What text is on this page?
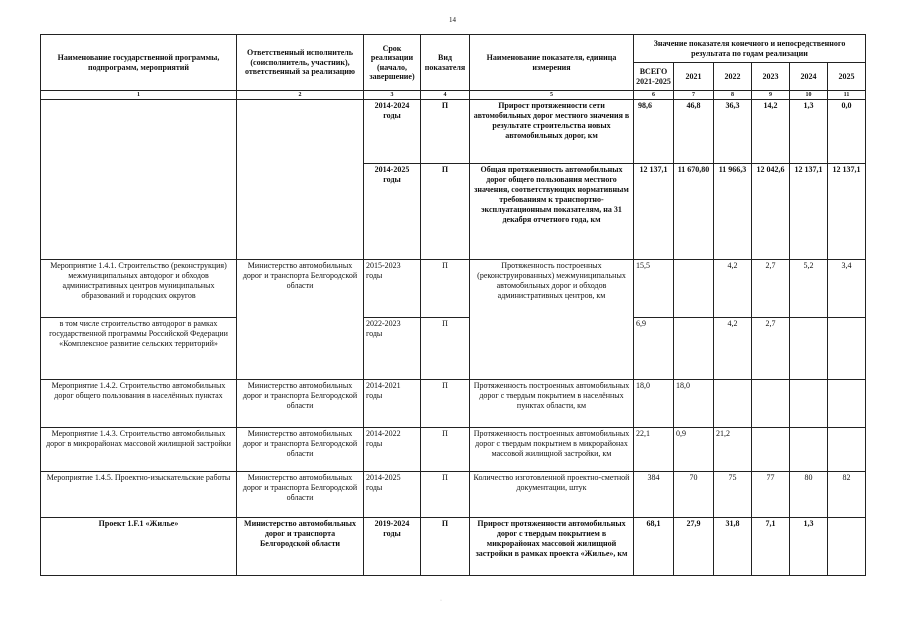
14
Наименование государственной программы, подпрограмм, мероприятий	Ответственный исполнитель (соисполнитель, участник), ответственный за реализацию	Срок реализации (начало, завершение)	Вид показателя	Наименование показателя, единица измерения	Значение показателя конечного и непосредственного результата по годам реализации					
					ВСЕГО 2021-2025	2021	2022	2023	2024	2025
1	2	3	4	5	6	7	8	9	10	11
		2014-2024 годы	П	Прирост протяженности сети автомобильных дорог местного значения в результате строительства новых автомобильных дорог, км	98,6	46,8	36,3	14,2	1,3	0,0
		2014-2025 годы	П	Общая протяженность автомобильных дорог общего пользования местного значения, соответствующих нормативным требованиям к транспортно-эксплуатационным показателям, на 31 декабря отчетного года, км	12 137,1	11 670,80	11 966,3	12 042,6	12 137,1	12 137,1
Мероприятие 1.4.1. Строительство (реконструкция) межмуниципальных автодорог и обходов административных центров муниципальных образований и городских округов	Министерство автомобильных дорог и транспорта Белгородской области	2015-2023 годы	П	Протяженность построенных (реконструированных) межмуниципальных автомобильных дорог и обходов административных центров, км	15,5		4,2	2,7	5,2	3,4
в том числе строительство автодорог в рамках государственной программы Российской Федерации «Комплексное развитие сельских территорий»		2022-2023 годы	П		6,9		4,2	2,7		
Мероприятие 1.4.2. Строительство автомобильных дорог общего пользования в населённых пунктах	Министерство автомобильных дорог и транспорта Белгородской области	2014-2021 годы	П	Протяженность построенных автомобильных дорог с твердым покрытием в населённых пунктах области, км	18,0	18,0				
Мероприятие 1.4.3. Строительство автомобильных дорог в микрорайонах массовой жилищной застройки	Министерство автомобильных дорог и транспорта Белгородской области	2014-2022 годы	П	Протяженность построенных автомобильных дорог с твердым покрытием в микрорайонах массовой жилищной застройки, км	22,1	0,9	21,2			
Мероприятие 1.4.5. Проектно-изыскательские работы	Министерство автомобильных дорог и транспорта Белгородской области	2014-2025 годы	П	Количество изготовленной проектно-сметной документации, штук	384	70	75	77	80	82
Проект 1.F.1 «Жилье»	Министерство автомобильных дорог и транспорта Белгородской области	2019-2024 годы	П	Прирост протяженности автомобильных дорог с твердым покрытием в микрорайонах массовой жилищной застройки в рамках проекта «Жилье», км	68,1	27,9	31,8	7,1	1,3	
·
